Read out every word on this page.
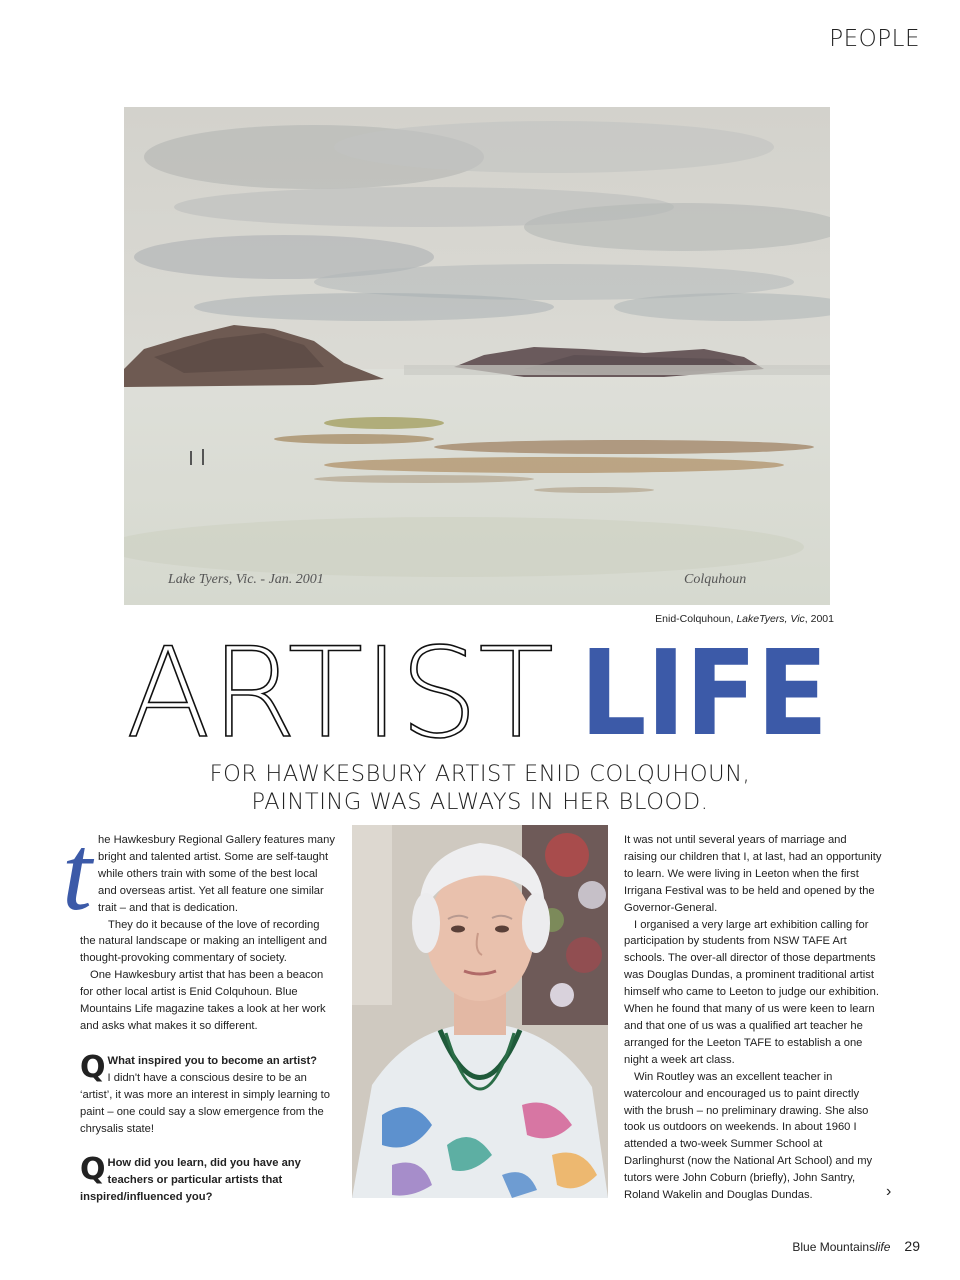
PEOPLE
Lake Tyers, Vic. - Jan. 2001	Colquhoun
Enid-Colquhoun, LakeTyers, Vic, 2001
ARTIST LIFE
FOR HAWKESBURY ARTIST ENID COLQUHOUN,
PAINTING WAS ALWAYS IN HER BLOOD.

the Hawkesbury Regional Gallery features many bright and talented artist. Some are self-taught while others train with some of the best local and overseas artist. Yet all feature one similar trait – and that is dedication.

They do it because of the love of recording the natural landscape or making an intelligent and thought-provoking commentary of society.

One Hawkesbury artist that has been a beacon for other local artist is Enid Colquhoun. Blue Mountains Life magazine takes a look at her work and asks what makes it so different.

Q What inspired you to become an artist?
I didn't have a conscious desire to be an ‘artist’, it was more an interest in simply learning to paint – one could say a slow emergence from the chrysalis state!

Q How did you learn, did you have any teachers or particular artists that inspired/influenced you?

It was not until several years of marriage and raising our children that I, at last, had an opportunity to learn. We were living in Leeton when the first Irrigana Festival was to be held and opened by the Governor-General.

I organised a very large art exhibition calling for participation by students from NSW TAFE Art schools. The over-all director of those departments was Douglas Dundas, a prominent traditional artist himself who came to Leeton to judge our exhibition. When he found that many of us were keen to learn and that one of us was a qualified art teacher he arranged for the Leeton TAFE to establish a one night a week art class.

Win Routley was an excellent teacher in watercolour and encouraged us to paint directly with the brush – no preliminary drawing. She also took us outdoors on weekends. In about 1960 I attended a two-week Summer School at Darlinghurst (now the National Art School) and my tutors were John Coburn (briefly), John Santry, Roland Wakelin and Douglas Dundas.	›
Blue Mountainslife 29
